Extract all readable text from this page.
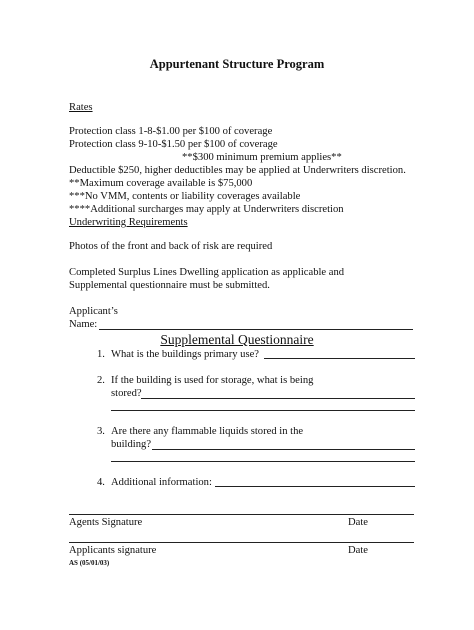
Appurtenant Structure Program
Rates
Protection class 1-8-$1.00 per $100 of coverage
Protection class 9-10-$1.50 per $100 of coverage
**$300 minimum premium applies**
Deductible $250, higher deductibles may be applied at Underwriters discretion.
**Maximum coverage available is $75,000
***No VMM, contents or liability coverages available
****Additional surcharges may apply at Underwriters discretion
Underwriting Requirements
Photos of the front and back of risk are required
Completed Surplus Lines Dwelling application as applicable and
Supplemental questionnaire must be submitted.
Applicant’s
Name:
Supplemental Questionnaire
1. What is the buildings primary use?
2. If the building is used for storage, what is being
stored?
3. Are there any flammable liquids stored in the
building?
4. Additional information:
Agents Signature	Date
Applicants signature	Date
AS (05/01/03)
